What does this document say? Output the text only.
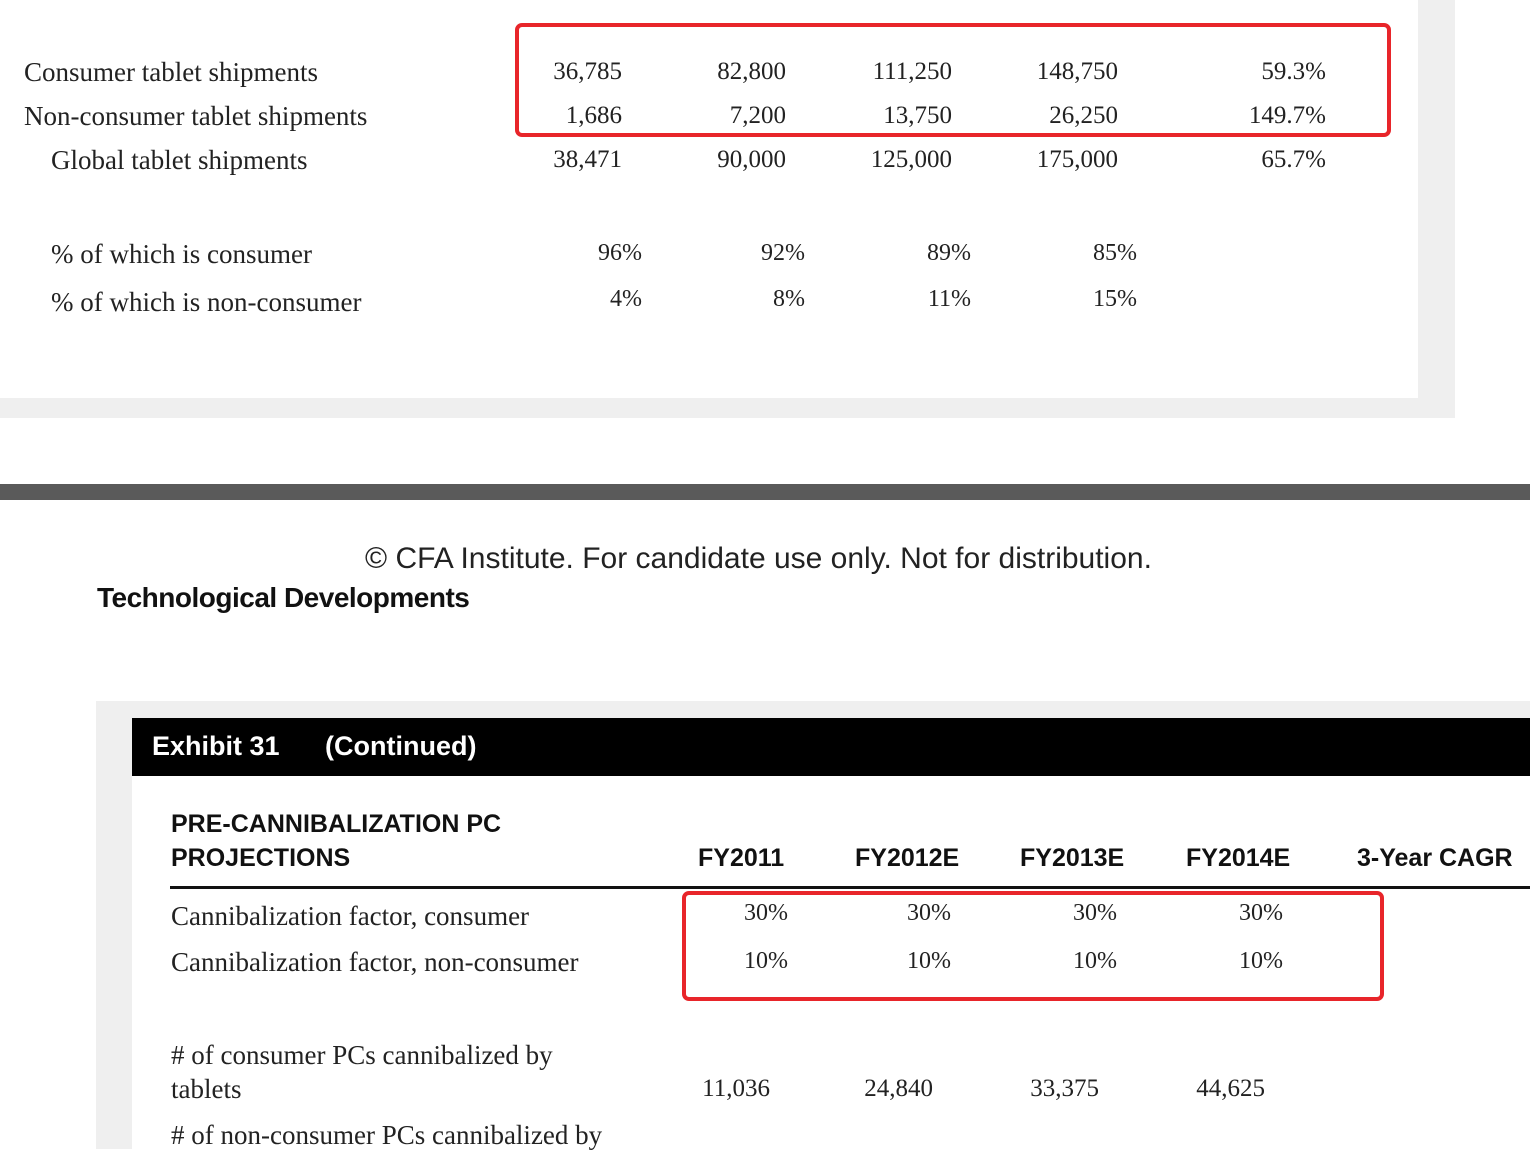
Consumer tablet shipments	36,785	82,800	111,250	148,750	59.3%
Non-consumer tablet shipments	1,686	7,200	13,750	26,250	149.7%
Global tablet shipments	38,471	90,000	125,000	175,000	65.7%
% of which is consumer	96%	92%	89%	85%
% of which is non-consumer	4%	8%	11%	15%
© CFA Institute. For candidate use only. Not for distribution.
Technological Developments
Exhibit 31 (Continued)
PRE-CANNIBALIZATION PC
PROJECTIONS	FY2011	FY2012E FY2013E FY2014E	3-Year CAGR
Cannibalization factor, consumer	30%	30%	30%	30%
Cannibalization factor, non-consumer	10%	10%	10%	10%
# of consumer PCs cannibalized by
tablets	11,036	24,840	33,375	44,625
# of non-consumer PCs cannibalized by
